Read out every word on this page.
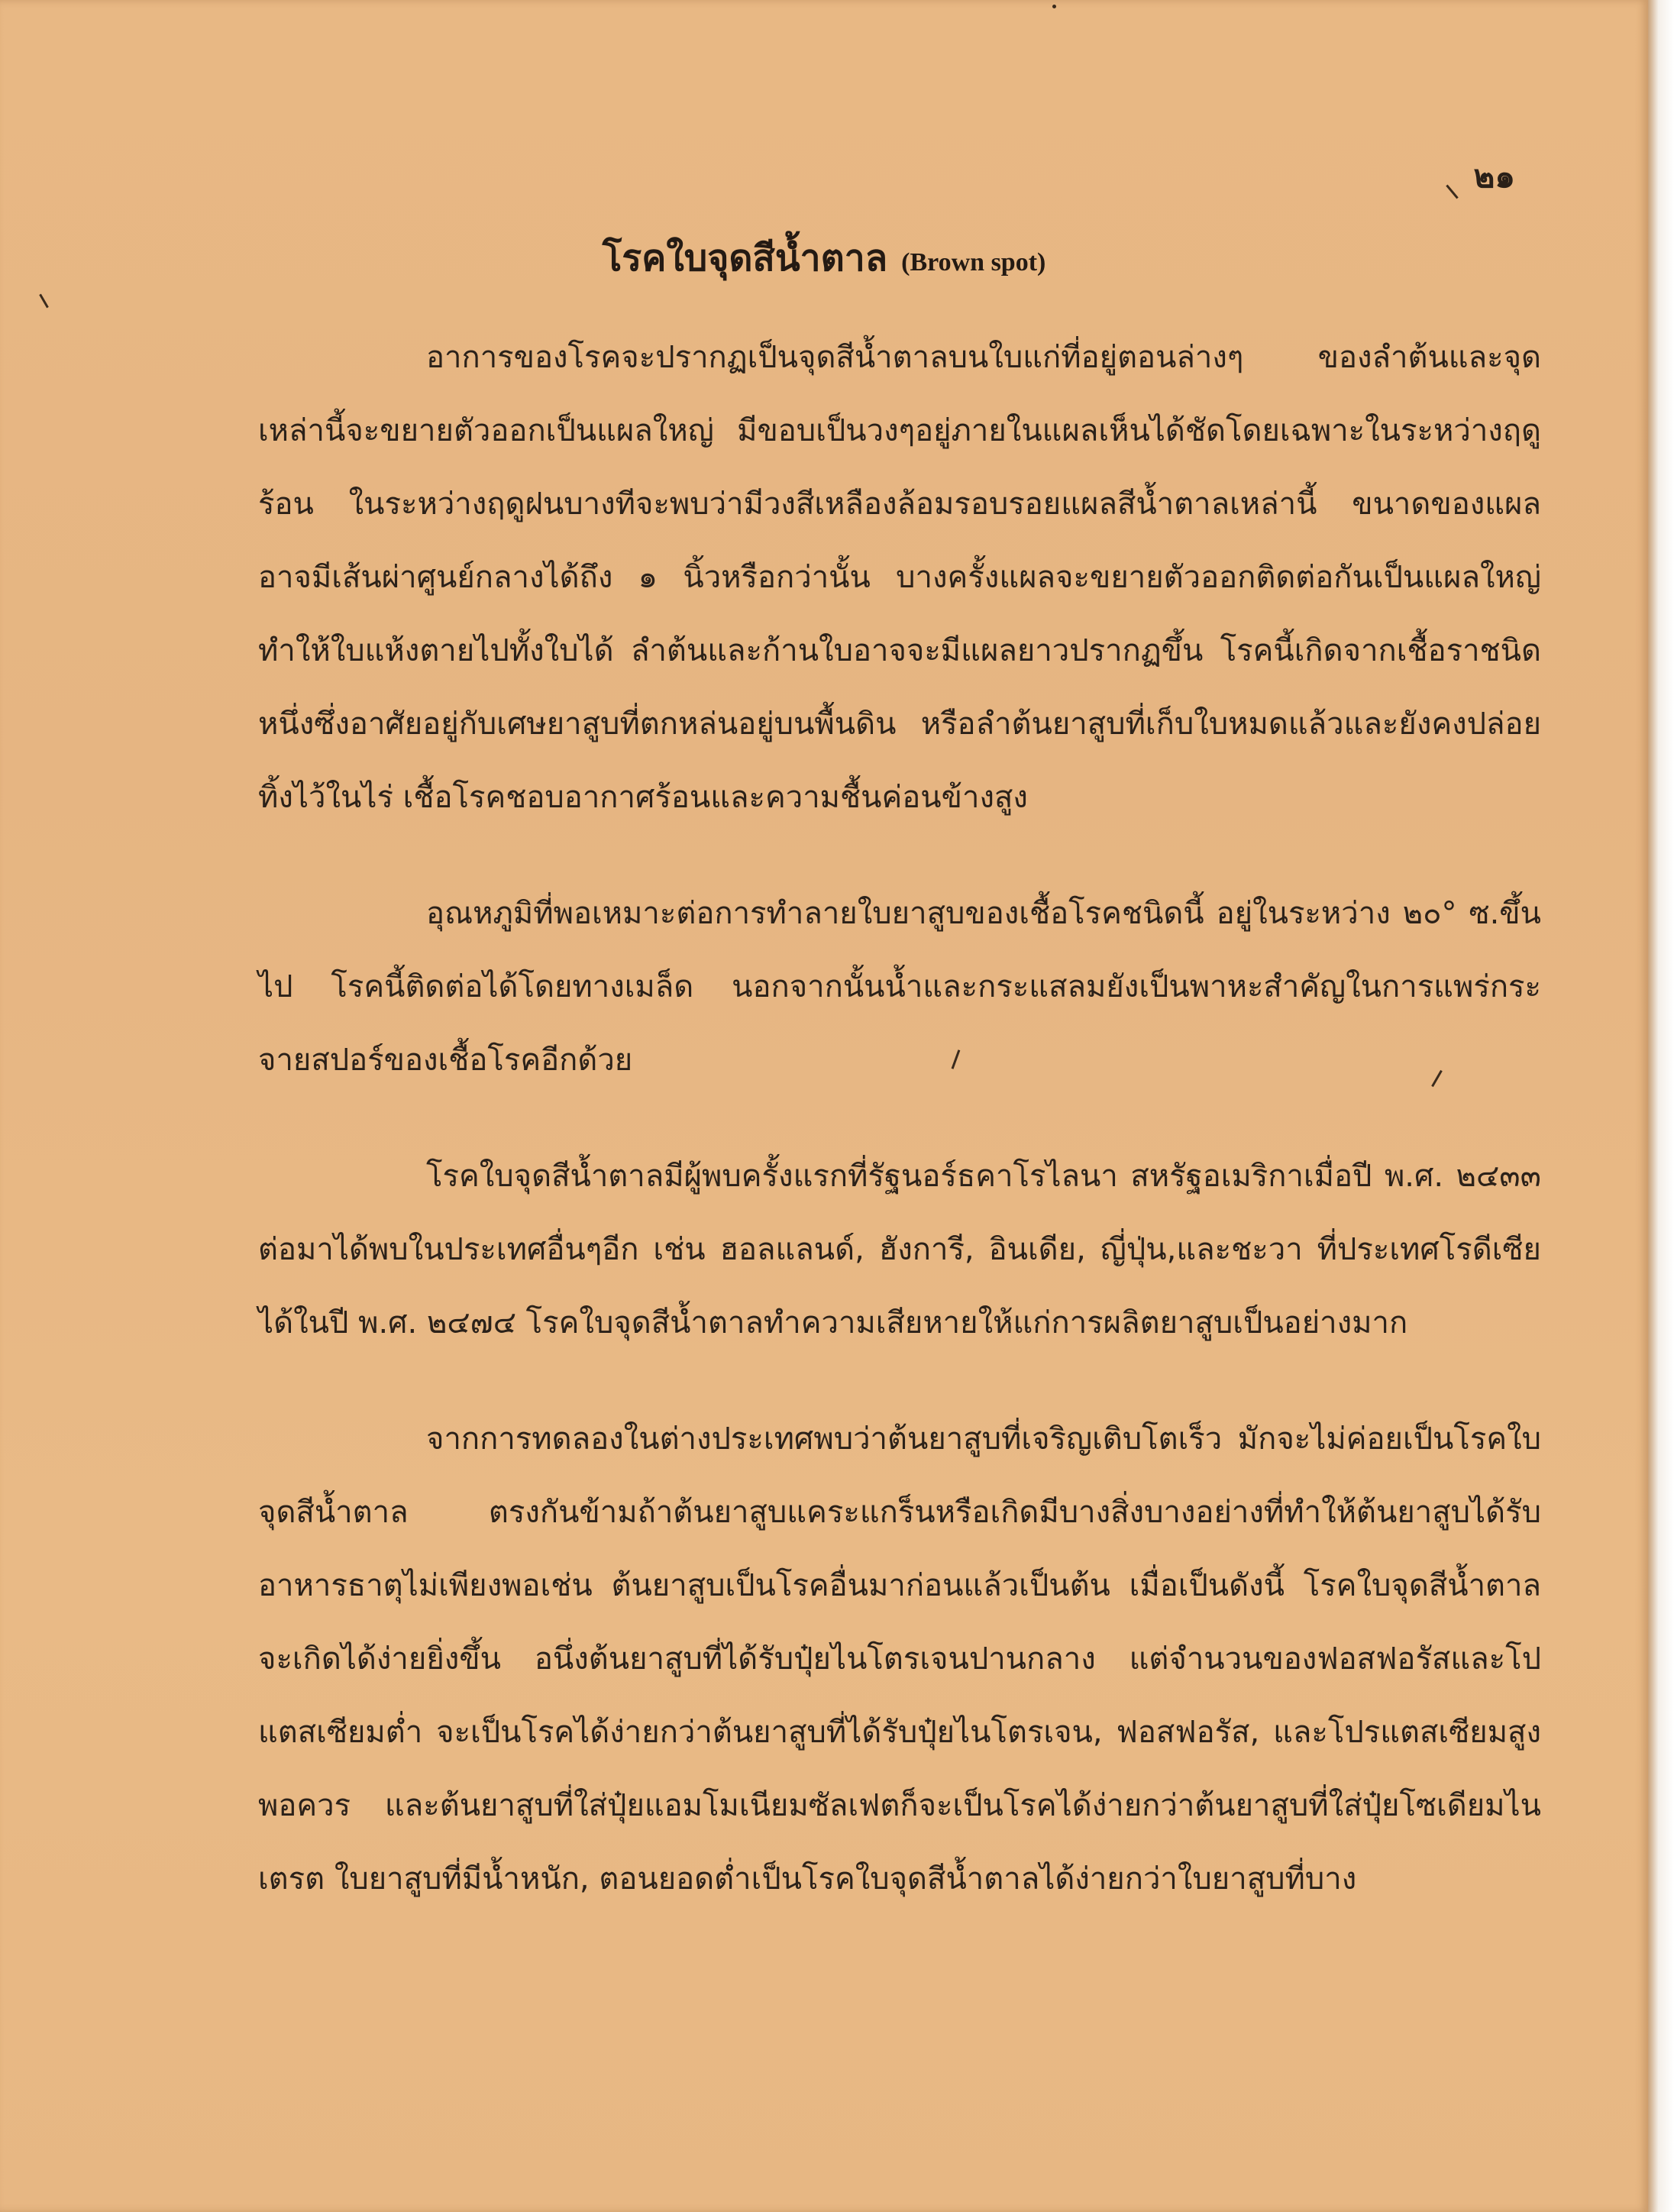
๒๑
โรคใบจุดสีน้ำตาล (Brown spot)

อาการของโรคจะปรากฏเป็นจุดสีน้ำตาลบนใบแก่ที่อยู่ตอนล่างๆ ของลำต้นและจุดเหล่านี้จะขยายตัวออกเป็นแผลใหญ่ มีขอบเป็นวงๆอยู่ภายในแผลเห็นได้ชัดโดยเฉพาะในระหว่างฤดูร้อน ในระหว่างฤดูฝนบางทีจะพบว่ามีวงสีเหลืองล้อมรอบรอยแผลสีน้ำตาลเหล่านี้ ขนาดของแผลอาจมีเส้นผ่าศูนย์กลางได้ถึง ๑ นิ้วหรือกว่านั้น บางครั้งแผลจะขยายตัวออกติดต่อกันเป็นแผลใหญ่ทำให้ใบแห้งตายไปทั้งใบได้ ลำต้นและก้านใบอาจจะมีแผลยาวปรากฏขึ้น โรคนี้เกิดจากเชื้อราชนิดหนึ่งซึ่งอาศัยอยู่กับเศษยาสูบที่ตกหล่นอยู่บนพื้นดิน หรือลำต้นยาสูบที่เก็บใบหมดแล้วและยังคงปล่อยทิ้งไว้ในไร่ เชื้อโรคชอบอากาศร้อนและความชื้นค่อนข้างสูง

อุณหภูมิที่พอเหมาะต่อการทำลายใบยาสูบของเชื้อโรคชนิดนี้ อยู่ในระหว่าง ๒๐° ซ.ขึ้นไป โรคนี้ติดต่อได้โดยทางเมล็ด นอกจากนั้นน้ำและกระแสลมยังเป็นพาหะสำคัญในการแพร่กระจายสปอร์ของเชื้อโรคอีกด้วย

โรคใบจุดสีน้ำตาลมีผู้พบครั้งแรกที่รัฐนอร์ธคาโรไลนา สหรัฐอเมริกาเมื่อปี พ.ศ. ๒๔๓๓ ต่อมาได้พบในประเทศอื่นๆอีก เช่น ฮอลแลนด์, ฮังการี, อินเดีย, ญี่ปุ่น,และชะวา ที่ประเทศโรดีเซียได้ในปี พ.ศ. ๒๔๗๔ โรคใบจุดสีน้ำตาลทำความเสียหายให้แก่การผลิตยาสูบเป็นอย่างมาก

จากการทดลองในต่างประเทศพบว่าต้นยาสูบที่เจริญเติบโตเร็ว มักจะไม่ค่อยเป็นโรคใบจุดสีน้ำตาล ตรงกันข้ามถ้าต้นยาสูบแคระแกร็นหรือเกิดมีบางสิ่งบางอย่างที่ทำให้ต้นยาสูบได้รับอาหารธาตุไม่เพียงพอเช่น ต้นยาสูบเป็นโรคอื่นมาก่อนแล้วเป็นต้น เมื่อเป็นดังนี้ โรคใบจุดสีน้ำตาลจะเกิดได้ง่ายยิ่งขึ้น อนึ่งต้นยาสูบที่ได้รับปุ๋ยไนโตรเจนปานกลาง แต่จำนวนของฟอสฟอรัสและโปแตสเซียมต่ำ จะเป็นโรคได้ง่ายกว่าต้นยาสูบที่ได้รับปุ๋ยไนโตรเจน, ฟอสฟอรัส, และโปรแตสเซียมสูงพอควร และต้นยาสูบที่ใส่ปุ๋ยแอมโมเนียมซัลเฟตก็จะเป็นโรคได้ง่ายกว่าต้นยาสูบที่ใส่ปุ๋ยโซเดียมไนเตรต ใบยาสูบที่มีน้ำหนัก, ตอนยอดต่ำเป็นโรคใบจุดสีน้ำตาลได้ง่ายกว่าใบยาสูบที่บาง
